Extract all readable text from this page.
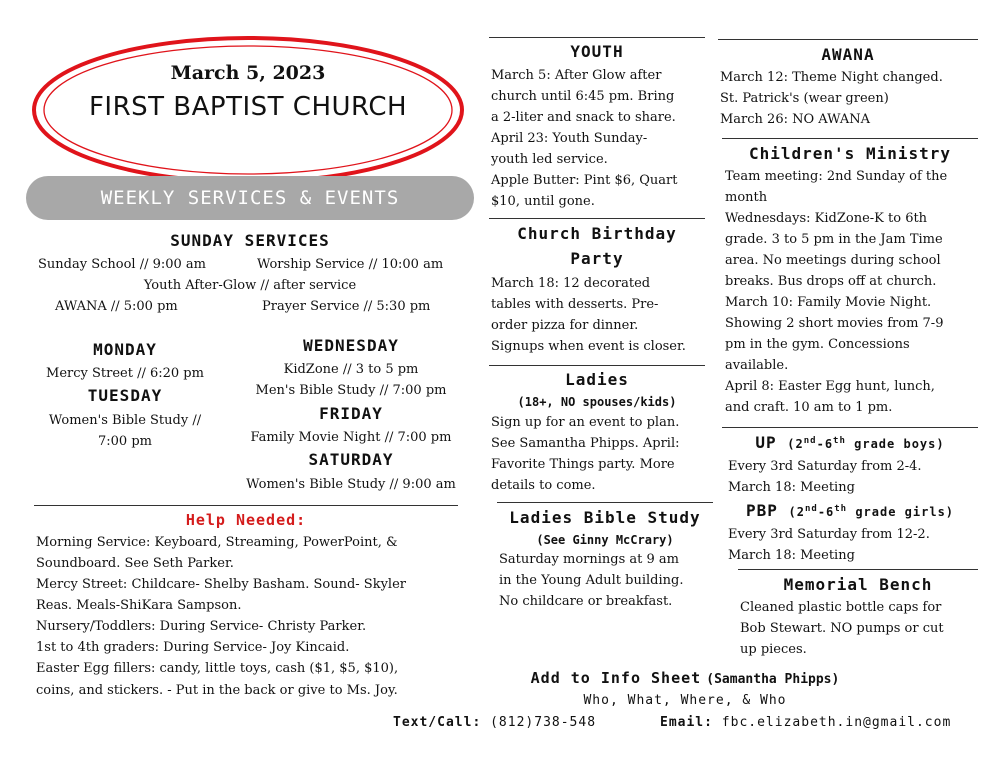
March 5, 2023
FIRST BAPTIST CHURCH
WEEKLY SERVICES & EVENTS
SUNDAY SERVICES
Sunday School // 9:00 am	Worship Service // 10:00 am
Youth After-Glow // after service
AWANA // 5:00 pm	Prayer Service // 5:30 pm
MONDAY
Mercy Street // 6:20 pm
TUESDAY
Women's Bible Study //
7:00 pm
WEDNESDAY
KidZone // 3 to 5 pm
Men's Bible Study // 7:00 pm
FRIDAY
Family Movie Night // 7:00 pm
SATURDAY
Women's Bible Study // 9:00 am
Help Needed:
Morning Service: Keyboard, Streaming, PowerPoint, &
Soundboard. See Seth Parker.
Mercy Street: Childcare- Shelby Basham. Sound- Skyler
Reas. Meals-ShiKara Sampson.
Nursery/Toddlers: During Service- Christy Parker.
1st to 4th graders: During Service- Joy Kincaid.
Easter Egg fillers: candy, little toys, cash ($1, $5, $10),
coins, and stickers. - Put in the back or give to Ms. Joy.
YOUTH
March 5: After Glow after
church until 6:45 pm. Bring
a 2-liter and snack to share.
April 23: Youth Sunday-
youth led service.
Apple Butter: Pint $6, Quart
$10, until gone.
Church Birthday
Party
March 18: 12 decorated
tables with desserts. Pre-
order pizza for dinner.
Signups when event is closer.
Ladies
(18+, NO spouses/kids)
Sign up for an event to plan.
See Samantha Phipps. April:
Favorite Things party. More
details to come.
Ladies Bible Study
(See Ginny McCrary)
Saturday mornings at 9 am
in the Young Adult building.
No childcare or breakfast.
AWANA
March 12: Theme Night changed.
St. Patrick's (wear green)
March 26: NO AWANA
Children's Ministry
Team meeting: 2nd Sunday of the
month
Wednesdays: KidZone-K to 6th
grade. 3 to 5 pm in the Jam Time
area. No meetings during school
breaks. Bus drops off at church.
March 10: Family Movie Night.
Showing 2 short movies from 7-9
pm in the gym. Concessions
available.
April 8: Easter Egg hunt, lunch,
and craft. 10 am to 1 pm.
UP (2nd-6th grade boys)
Every 3rd Saturday from 2-4.
March 18: Meeting
PBP (2nd-6th grade girls)
Every 3rd Saturday from 12-2.
March 18: Meeting
Memorial Bench
Cleaned plastic bottle caps for
Bob Stewart. NO pumps or cut
up pieces.
Add to Info Sheet (Samantha Phipps)
Who, What, Where, & Who
Text/Call: (812)738-548	Email: fbc.elizabeth.in@gmail.com
